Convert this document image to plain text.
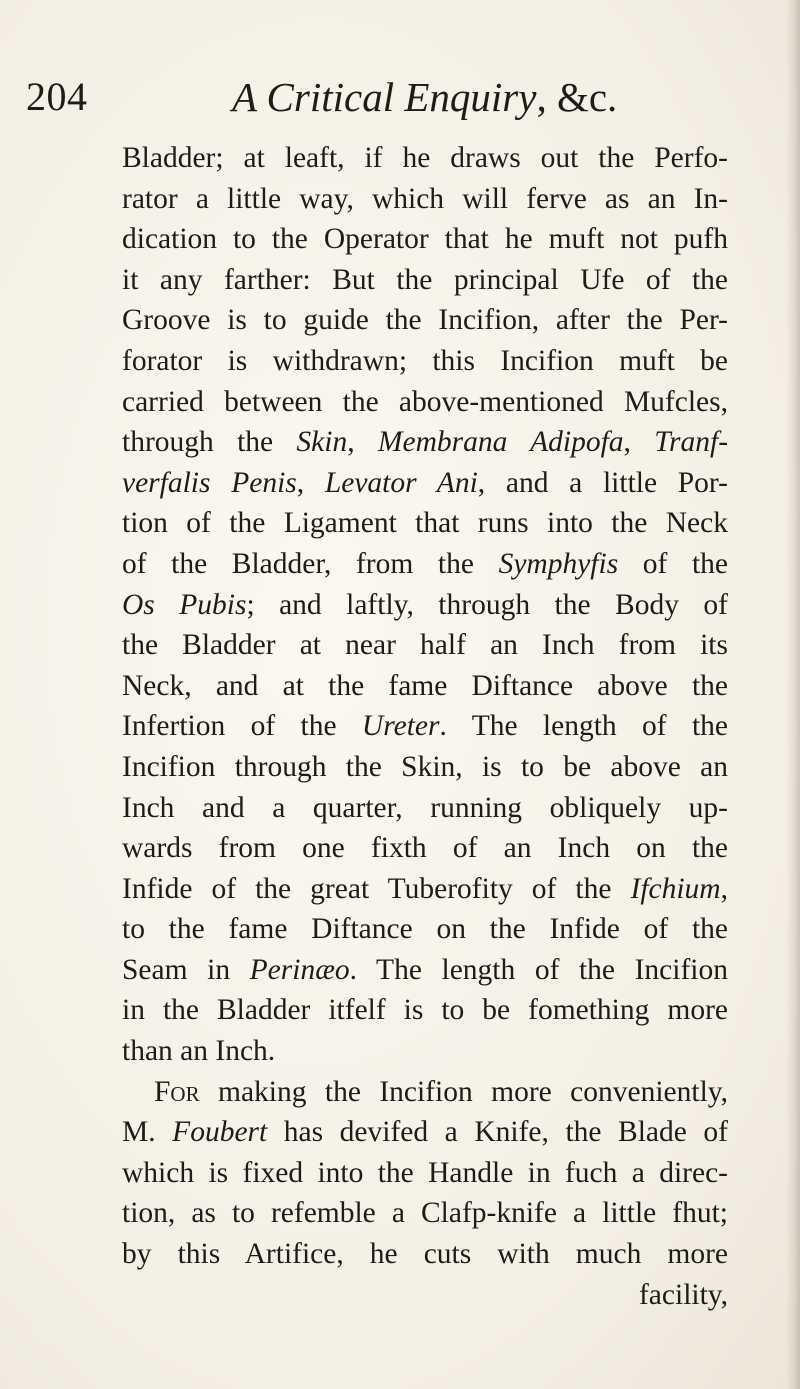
204	A Critical Enquiry, &c.
Bladder; at leaft, if he draws out the Perfo-
rator a little way, which will ferve as an In-
dication to the Operator that he muft not pufh
it any farther: But the principal Ufe of the
Groove is to guide the Incifion, after the Per-
forator is withdrawn; this Incifion muft be
carried between the above-mentioned Mufcles,
through the Skin, Membrana Adipofa, Tranf-
verfalis Penis, Levator Ani, and a little Por-
tion of the Ligament that runs into the Neck
of the Bladder, from the Symphyfis of the
Os Pubis; and laftly, through the Body of
the Bladder at near half an Inch from its
Neck, and at the fame Diftance above the
Infertion of the Ureter. The length of the
Incifion through the Skin, is to be above an
Inch and a quarter, running obliquely up-
wards from one fixth of an Inch on the
Infide of the great Tuberofity of the Ifchium,
to the fame Diftance on the Infide of the
Seam in Perinæo. The length of the Incifion
in the Bladder itfelf is to be fomething more
than an Inch.
For making the Incifion more conveniently,
M. Foubert has devifed a Knife, the Blade of
which is fixed into the Handle in fuch a direc-
tion, as to refemble a Clafp-knife a little fhut;
by this Artifice, he cuts with much more
facility,
